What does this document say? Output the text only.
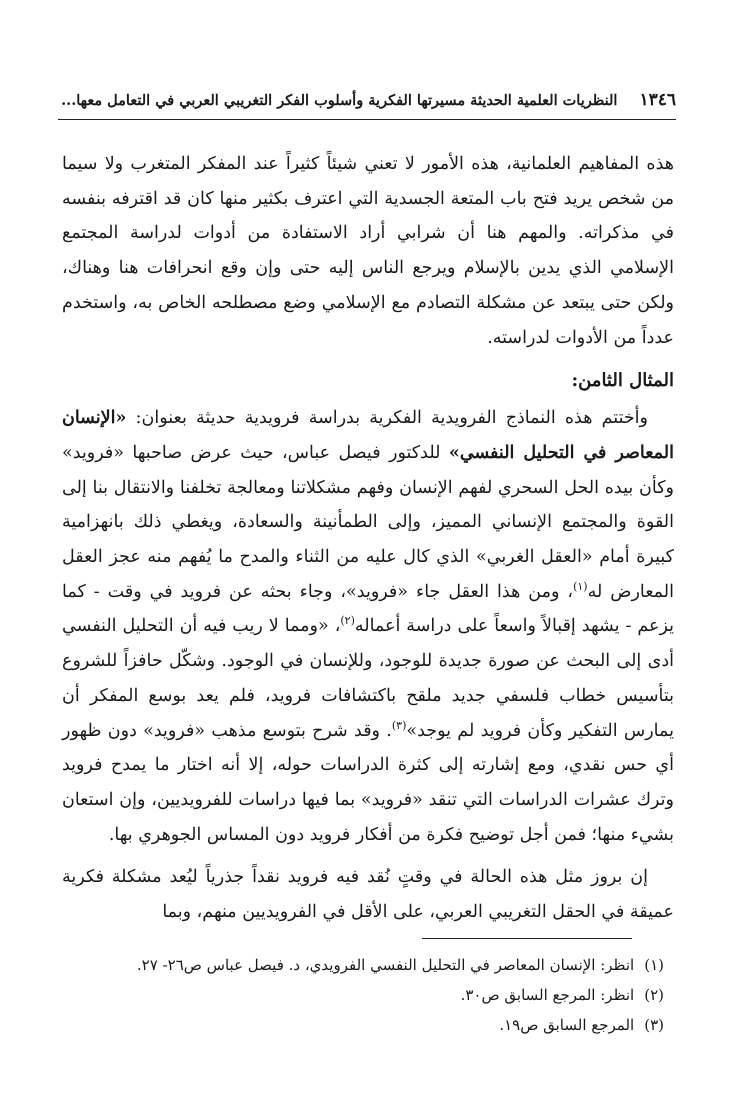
١٣٤٦
النظريات العلمية الحديثة مسيرتها الفكرية وأسلوب الفكر التغريبي العربي في التعامل معها...

هذه المفاهيم العلمانية، هذه الأمور لا تعني شيئاً كثيراً عند المفكر المتغرب ولا سيما من شخص يريد فتح باب المتعة الجسدية التي اعترف بكثير منها كان قد اقترفه بنفسه في مذكراته. والمهم هنا أن شرابي أراد الاستفادة من أدوات لدراسة المجتمع الإسلامي الذي يدين بالإسلام ويرجع الناس إليه حتى وإن وقع انحرافات هنا وهناك، ولكن حتى يبتعد عن مشكلة التصادم مع الإسلامي وضع مصطلحه الخاص به، واستخدم عدداً من الأدوات لدراسته.

المثال الثامن:

وأختتم هذه النماذج الفرويدية الفكرية بدراسة فرويدية حديثة بعنوان: «الإنسان المعاصر في التحليل النفسي» للدكتور فيصل عباس، حيث عرض صاحبها «فرويد» وكأن بيده الحل السحري لفهم الإنسان وفهم مشكلاتنا ومعالجة تخلفنا والانتقال بنا إلى القوة والمجتمع الإنساني المميز، وإلى الطمأنينة والسعادة، ويغطي ذلك بانهزامية كبيرة أمام «العقل الغربي» الذي كال عليه من الثناء والمدح ما يُفهم منه عجز العقل المعارض له$^{(١)}$، ومن هذا العقل جاء «فرويد»، وجاء بحثه عن فرويد في وقت - كما يزعم - يشهد إقبالاً واسعاً على دراسة أعماله$^{(٢)}$، «ومما لا ريب فيه أن التحليل النفسي أدى إلى البحث عن صورة جديدة للوجود، وللإنسان في الوجود. وشكّل حافزاً للشروع بتأسيس خطاب فلسفي جديد ملقح باكتشافات فرويد، فلم يعد بوسع المفكر أن يمارس التفكير وكأن فرويد لم يوجد»$^{(٣)}$. وقد شرح بتوسع مذهب «فرويد» دون ظهور أي حس نقدي، ومع إشارته إلى كثرة الدراسات حوله، إلا أنه اختار ما يمدح فرويد وترك عشرات الدراسات التي تنقد «فرويد» بما فيها دراسات للفرويديين، وإن استعان بشيء منها؛ فمن أجل توضيح فكرة من أفكار فرويد دون المساس الجوهري بها.

إن بروز مثل هذه الحالة في وقتٍ نُقد فيه فرويد نقداً جذرياً ليُعد مشكلة فكرية عميقة في الحقل التغريبي العربي، على الأقل في الفرويديين منهم، وبما

(١)
انظر: الإنسان المعاصر في التحليل النفسي الفرويدي، د. فيصل عباس ص٢٦- ٢٧.
(٢)
انظر: المرجع السابق ص٣٠.
(٣)
المرجع السابق ص١٩.
